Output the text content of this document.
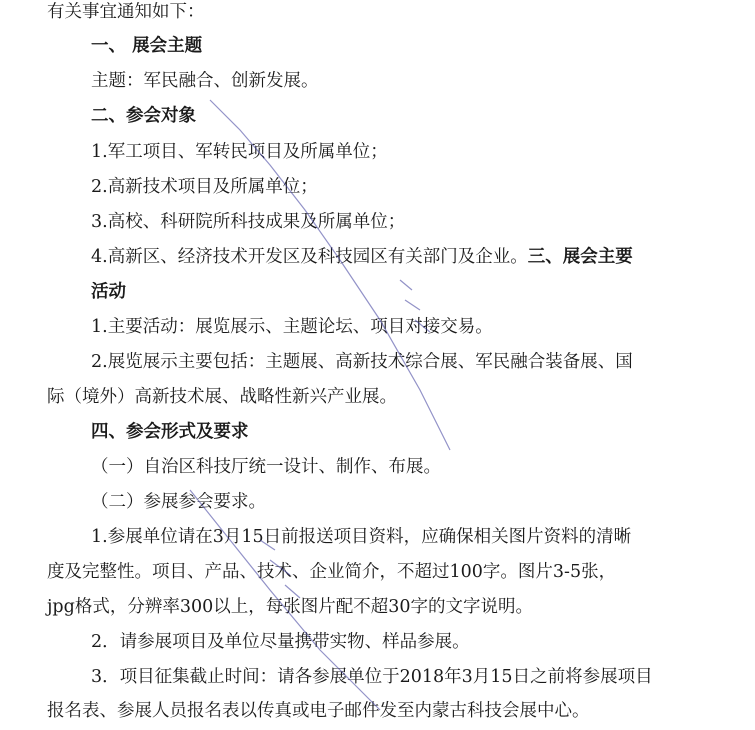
有关事宜通知如下：
一、 展会主题
主题：军民融合、创新发展。
二、参会对象
1.军工项目、军转民项目及所属单位；
2.高新技术项目及所属单位；
3.高校、科研院所科技成果及所属单位；
4.高新区、经济技术开发区及科技园区有关部门及企业。三、展会主要
活动
1.主要活动：展览展示、主题论坛、项目对接交易。
2.展览展示主要包括：主题展、高新技术综合展、军民融合装备展、国
际（境外）高新技术展、战略性新兴产业展。
四、参会形式及要求
（一）自治区科技厅统一设计、制作、布展。
（二）参展参会要求。
1.参展单位请在3月15日前报送项目资料，应确保相关图片资料的清晰
度及完整性。项目、产品、技术、企业简介，不超过100字。图片3-5张，
jpg格式，分辨率300以上，每张图片配不超30字的文字说明。
2．请参展项目及单位尽量携带实物、样品参展。
3．项目征集截止时间：请各参展单位于2018年3月15日之前将参展项目
报名表、参展人员报名表以传真或电子邮件发至内蒙古科技会展中心。
